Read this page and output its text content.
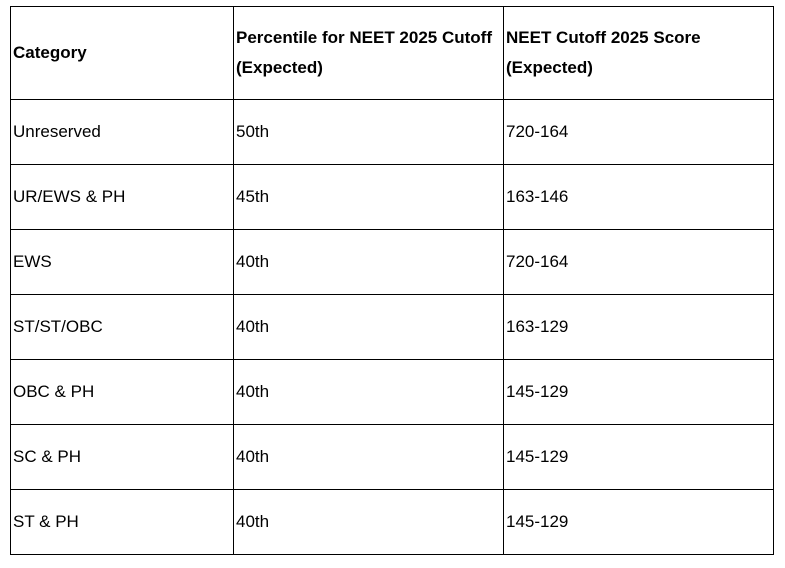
Category	Percentile for NEET 2025 Cutoff (Expected)	NEET Cutoff 2025 Score (Expected)
Unreserved	50th	720-164
UR/EWS & PH	45th	163-146
EWS	40th	720-164
ST/ST/OBC	40th	163-129
OBC & PH	40th	145-129
SC & PH	40th	145-129
ST & PH	40th	145-129
